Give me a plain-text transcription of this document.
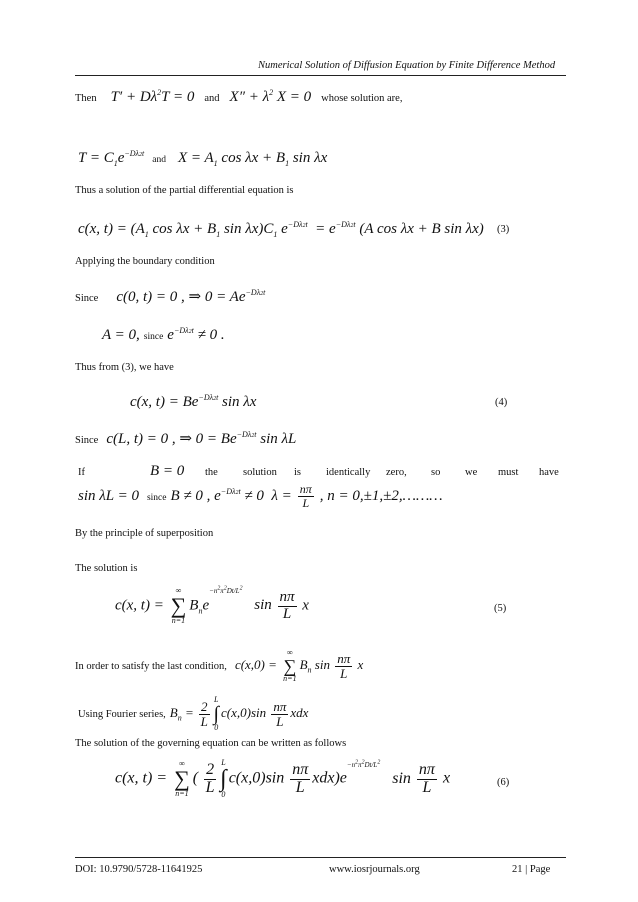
Numerical Solution of Diffusion Equation by Finite Difference Method
Then $T' + D\lambda^2T = 0$ and $X'' + \lambda^2$ X = 0 whose solution are,
$T = C_1e^{-D\lambda 2t}$ and $X = A_1$ $\cos \lambda x + B_1$ sin λx
Thus a solution of the partial differential equation is
c(x, $t) = (A_1$ $\cos \lambda x + B_1$ $\sin \lambda x)C_1$ $e^{-D\lambda 2t} = e^{-D\lambda 2t}$ (A cos λx + B sin λx) (3)
Applying the boundary condition
Since c(0, t) = 0 , ⇒ $0 = Ae^{-D\lambda 2t}$
A = 0, since $e^{-D\lambda 2t} \ne 0$ .
Thus from (3), we have
c(x, $t) = Be^{-D\lambda 2t}$ sin λx	(4)
Since c(L, t) = 0 , ⇒ $0 = Be^{-D\lambda 2t}$ sin λL
If	B = 0 the solution is identically zero, so we must have
sin λL = 0 since B ≠ 0 , $e^{-D\lambda 2t} \ne 0$  $\lambda = \frac{n\pi}{L}$ , n = 0,±1,±2,………
By the principle of superposition
The solution is
c(x, t) =
∞
∑
n=1
$B_ne^{-n^2\pi^2Dt/L^2}$ $\sin \frac{n\pi}{L}$ x	(5)
In order to satisfy the last condition, c(x,0) =
∞
∑
n=1
$B_n$ $\sin \frac{n\pi}{L}$ x
Using Fourier series, $B_n = \frac{2}{L}$
L
∫
0
$c(x,0)\sin \frac{n\pi}{L}$ xdx
The solution of the governing equation can be written as follows
c(x, t) =
∞
∑
n=1
( $\frac{2}{L}$ L
∫
0
$c(x,0)\sin \frac{n\pi}{L} xdx)e^{-n^2\pi^2Dt/L^2}$ $\sin \frac{n\pi}{L}$ x	(6)
DOI: 10.9790/5728-11641925	www.iosrjournals.org	21 | Page
